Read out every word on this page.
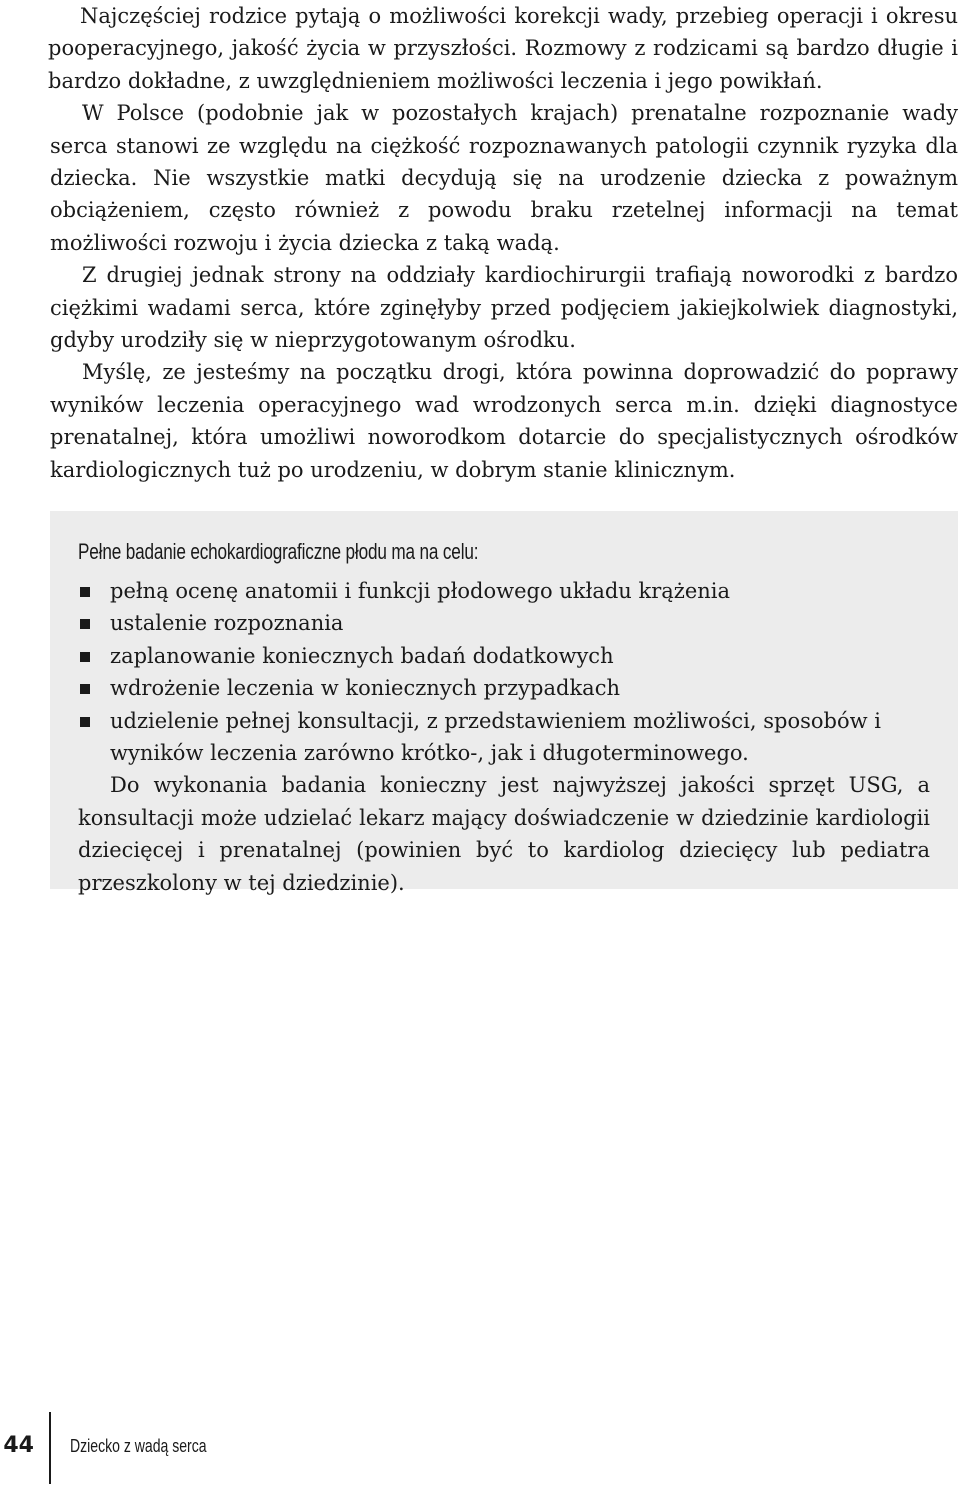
Najczęściej rodzice pytają o możliwości korekcji wady, przebieg operacji i okresu pooperacyjnego, jakość życia w przyszłości. Rozmowy z rodzicami są bardzo długie i bardzo dokładne, z uwzględnieniem możliwości leczenia i jego powikłań.

W Polsce (podobnie jak w pozostałych krajach) prenatalne rozpoznanie wady serca stanowi ze względu na ciężkość rozpoznawanych patologii czynnik ryzyka dla dziecka. Nie wszystkie matki decydują się na urodzenie dziecka z poważnym obciążeniem, często również z powodu braku rzetelnej informacji na temat możliwości rozwoju i życia dziecka z taką wadą.

Z drugiej jednak strony na oddziały kardiochirurgii trafiają noworodki z bardzo ciężkimi wadami serca, które zginęłyby przed podjęciem jakiejkolwiek diagnostyki, gdyby urodziły się w nieprzygotowanym ośrodku.

Myślę, ze jesteśmy na początku drogi, która powinna doprowadzić do poprawy wyników leczenia operacyjnego wad wrodzonych serca m.in. dzięki diagnostyce prenatalnej, która umożliwi noworodkom dotarcie do specjalistycznych ośrodków kardiologicznych tuż po urodzeniu, w dobrym stanie klinicznym.

Pełne badanie echokardiograficzne płodu ma na celu:
pełną ocenę anatomii i funkcji płodowego układu krążenia
ustalenie rozpoznania
zaplanowanie koniecznych badań dodatkowych
wdrożenie leczenia w koniecznych przypadkach
udzielenie pełnej konsultacji, z przedstawieniem możliwości, sposobów i wyników leczenia zarówno krótko-, jak i długoterminowego.

Do wykonania badania konieczny jest najwyższej jakości sprzęt USG, a konsultacji może udzielać lekarz mający doświadczenie w dziedzinie kardiologii dziecięcej i prenatalnej (powinien być to kardiolog dziecięcy lub pediatra przeszkolony w tej dziedzinie).

44 Dziecko z wadą serca
